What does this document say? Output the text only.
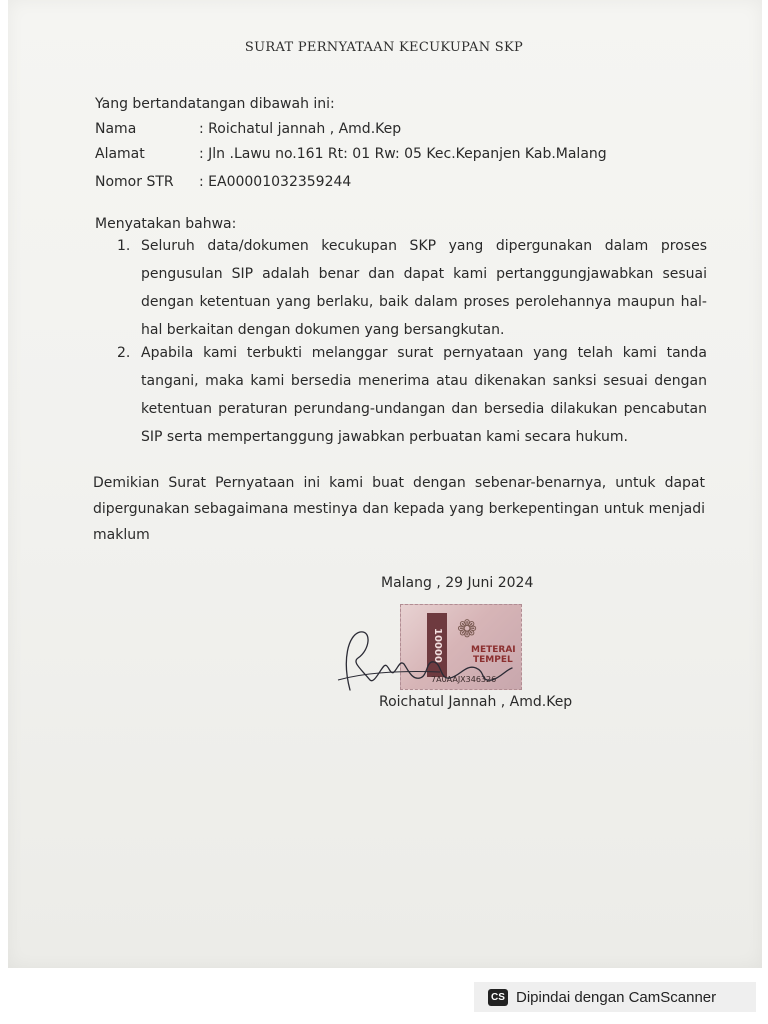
SURAT PERNYATAAN KECUKUPAN SKP
Yang bertandatangan dibawah ini:
Nama	: Roichatul jannah , Amd.Kep
Alamat	: Jln .Lawu no.161 Rt: 01 Rw: 05 Kec.Kepanjen Kab.Malang
Nomor STR : EA00001032359244
Menyatakan bahwa:
1. Seluruh data/dokumen kecukupan SKP yang dipergunakan dalam proses pengusulan SIP adalah benar dan dapat kami pertanggungjawabkan sesuai dengan ketentuan yang berlaku, baik dalam proses perolehannya maupun hal-hal berkaitan dengan dokumen yang bersangkutan.
2. Apabila kami terbukti melanggar surat pernyataan yang telah kami tanda tangani, maka kami bersedia menerima atau dikenakan sanksi sesuai dengan ketentuan peraturan perundang-undangan dan bersedia dilakukan pencabutan SIP serta mempertanggung jawabkan perbuatan kami secara hukum.
Demikian Surat Pernyataan ini kami buat dengan sebenar-benarnya, untuk dapat dipergunakan sebagaimana mestinya dan kepada yang berkepentingan untuk menjadi maklum
Malang , 29 Juni 2024
10000 ❁
METERAI
TEMPEL
7A0AAJX346326
Roichatul Jannah , Amd.Kep
CS Dipindai dengan CamScanner
